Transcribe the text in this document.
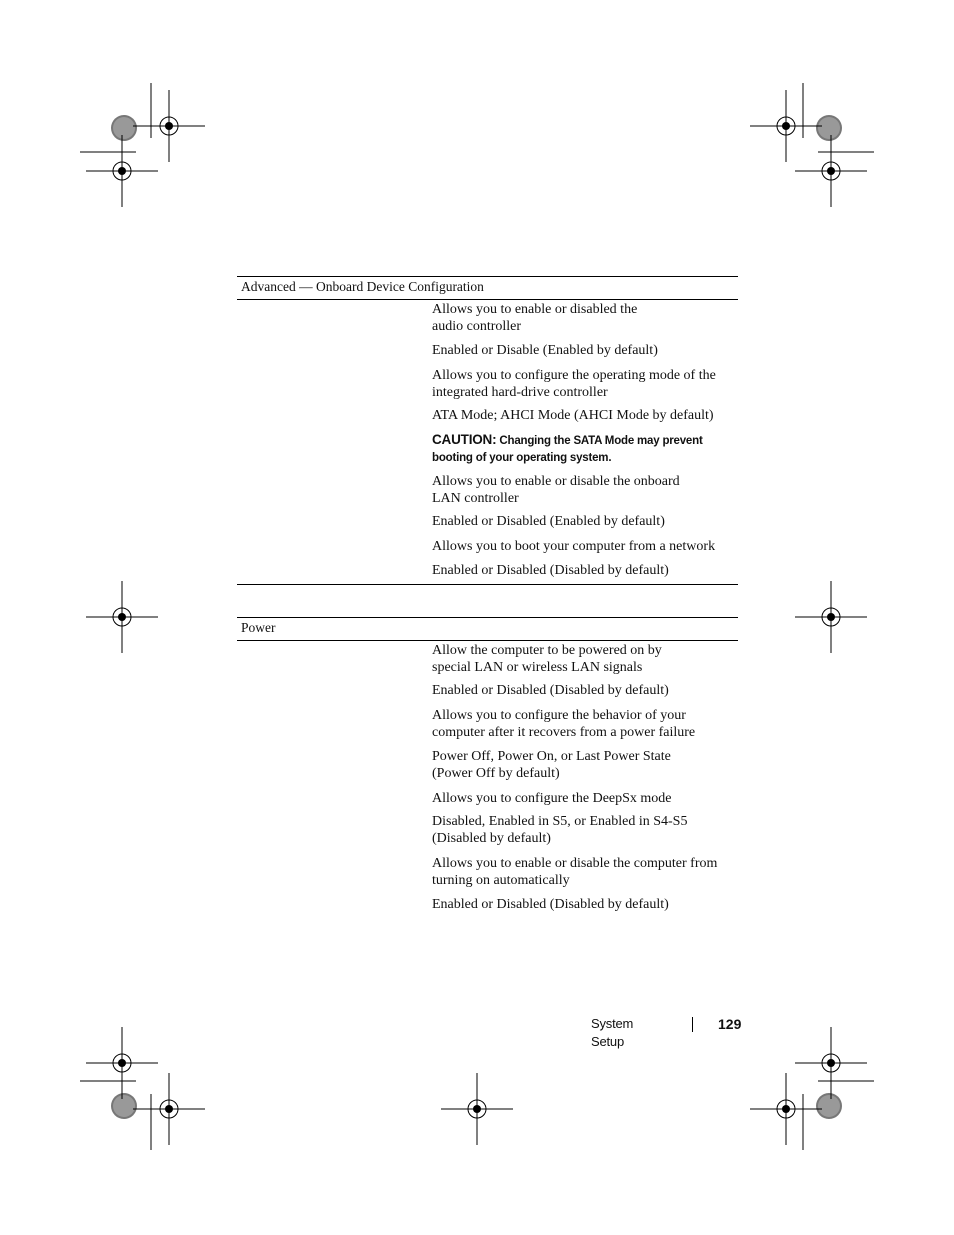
Advanced — Onboard Device Configuration
Allows you to enable or disabled the
audio controller
Enabled or Disable (Enabled by default)
Allows you to configure the operating mode of the
integrated hard-drive controller
ATA Mode; AHCI Mode (AHCI Mode by default)
CAUTION: Changing the SATA Mode may prevent booting of your operating system.
Allows you to enable or disable the onboard
LAN controller
Enabled or Disabled (Enabled by default)
Allows you to boot your computer from a network
Enabled or Disabled (Disabled by default)
Power
Allow the computer to be powered on by
special LAN or wireless LAN signals
Enabled or Disabled (Disabled by default)
Allows you to configure the behavior of your
computer after it recovers from a power failure
Power Off, Power On, or Last Power State
(Power Off by default)
Allows you to configure the DeepSx mode
Disabled, Enabled in S5, or Enabled in S4-S5
(Disabled by default)
Allows you to enable or disable the computer from
turning on automatically
Enabled or Disabled (Disabled by default)
System Setup
129
